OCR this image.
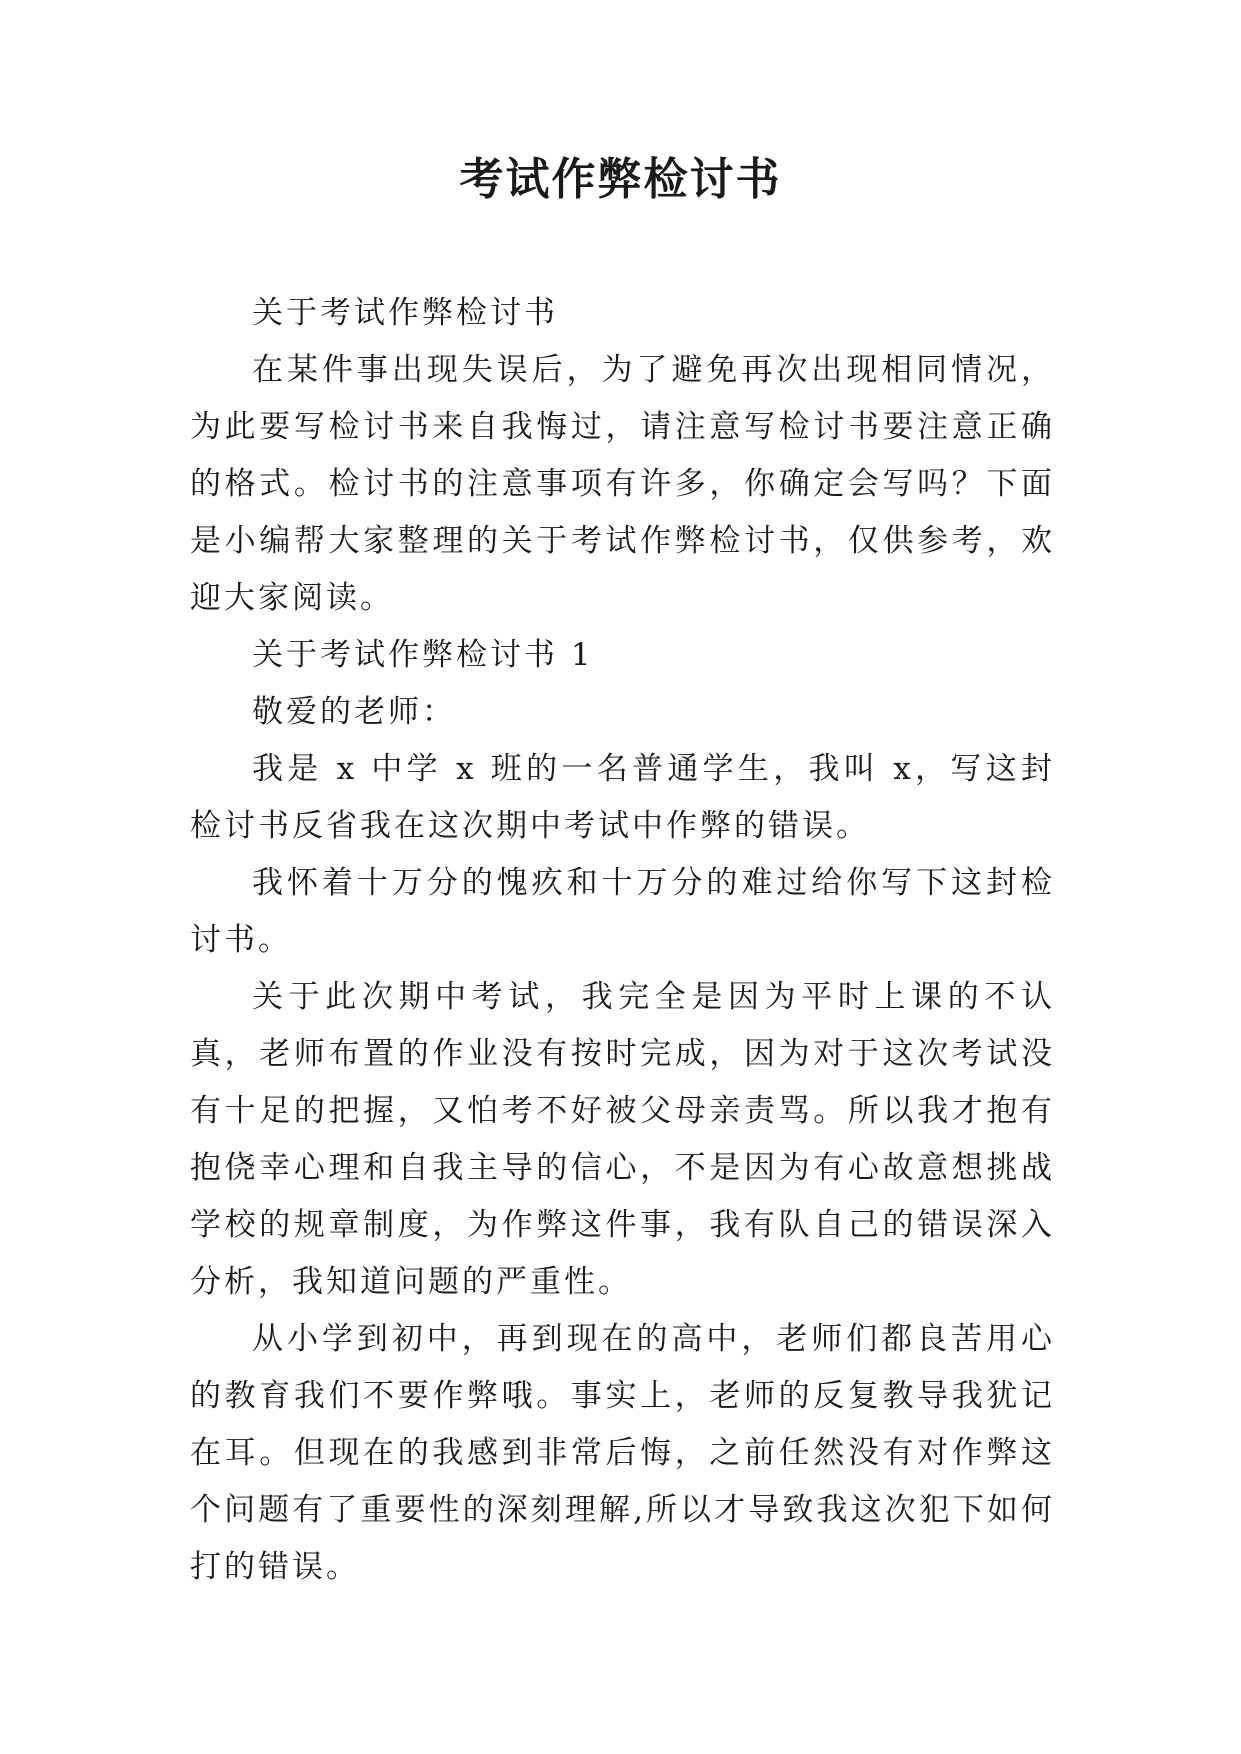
考试作弊检讨书

关于考试作弊检讨书

在某件事出现失误后，为了避免再次出现相同情况，为此要写检讨书来自我悔过，请注意写检讨书要注意正确的格式。检讨书的注意事项有许多，你确定会写吗？下面是小编帮大家整理的关于考试作弊检讨书，仅供参考，欢迎大家阅读。

关于考试作弊检讨书 1

敬爱的老师：

我是 x 中学 x 班的一名普通学生，我叫 x，写这封检讨书反省我在这次期中考试中作弊的错误。

我怀着十万分的愧疚和十万分的难过给你写下这封检讨书。

关于此次期中考试，我完全是因为平时上课的不认真，老师布置的作业没有按时完成，因为对于这次考试没有十足的把握，又怕考不好被父母亲责骂。所以我才抱有抱侥幸心理和自我主导的信心，不是因为有心故意想挑战学校的规章制度，为作弊这件事，我有队自己的错误深入分析，我知道问题的严重性。

从小学到初中，再到现在的高中，老师们都良苦用心的教育我们不要作弊哦。事实上，老师的反复教导我犹记在耳。但现在的我感到非常后悔，之前任然没有对作弊这个问题有了重要性的深刻理解,所以才导致我这次犯下如何打的错误。
